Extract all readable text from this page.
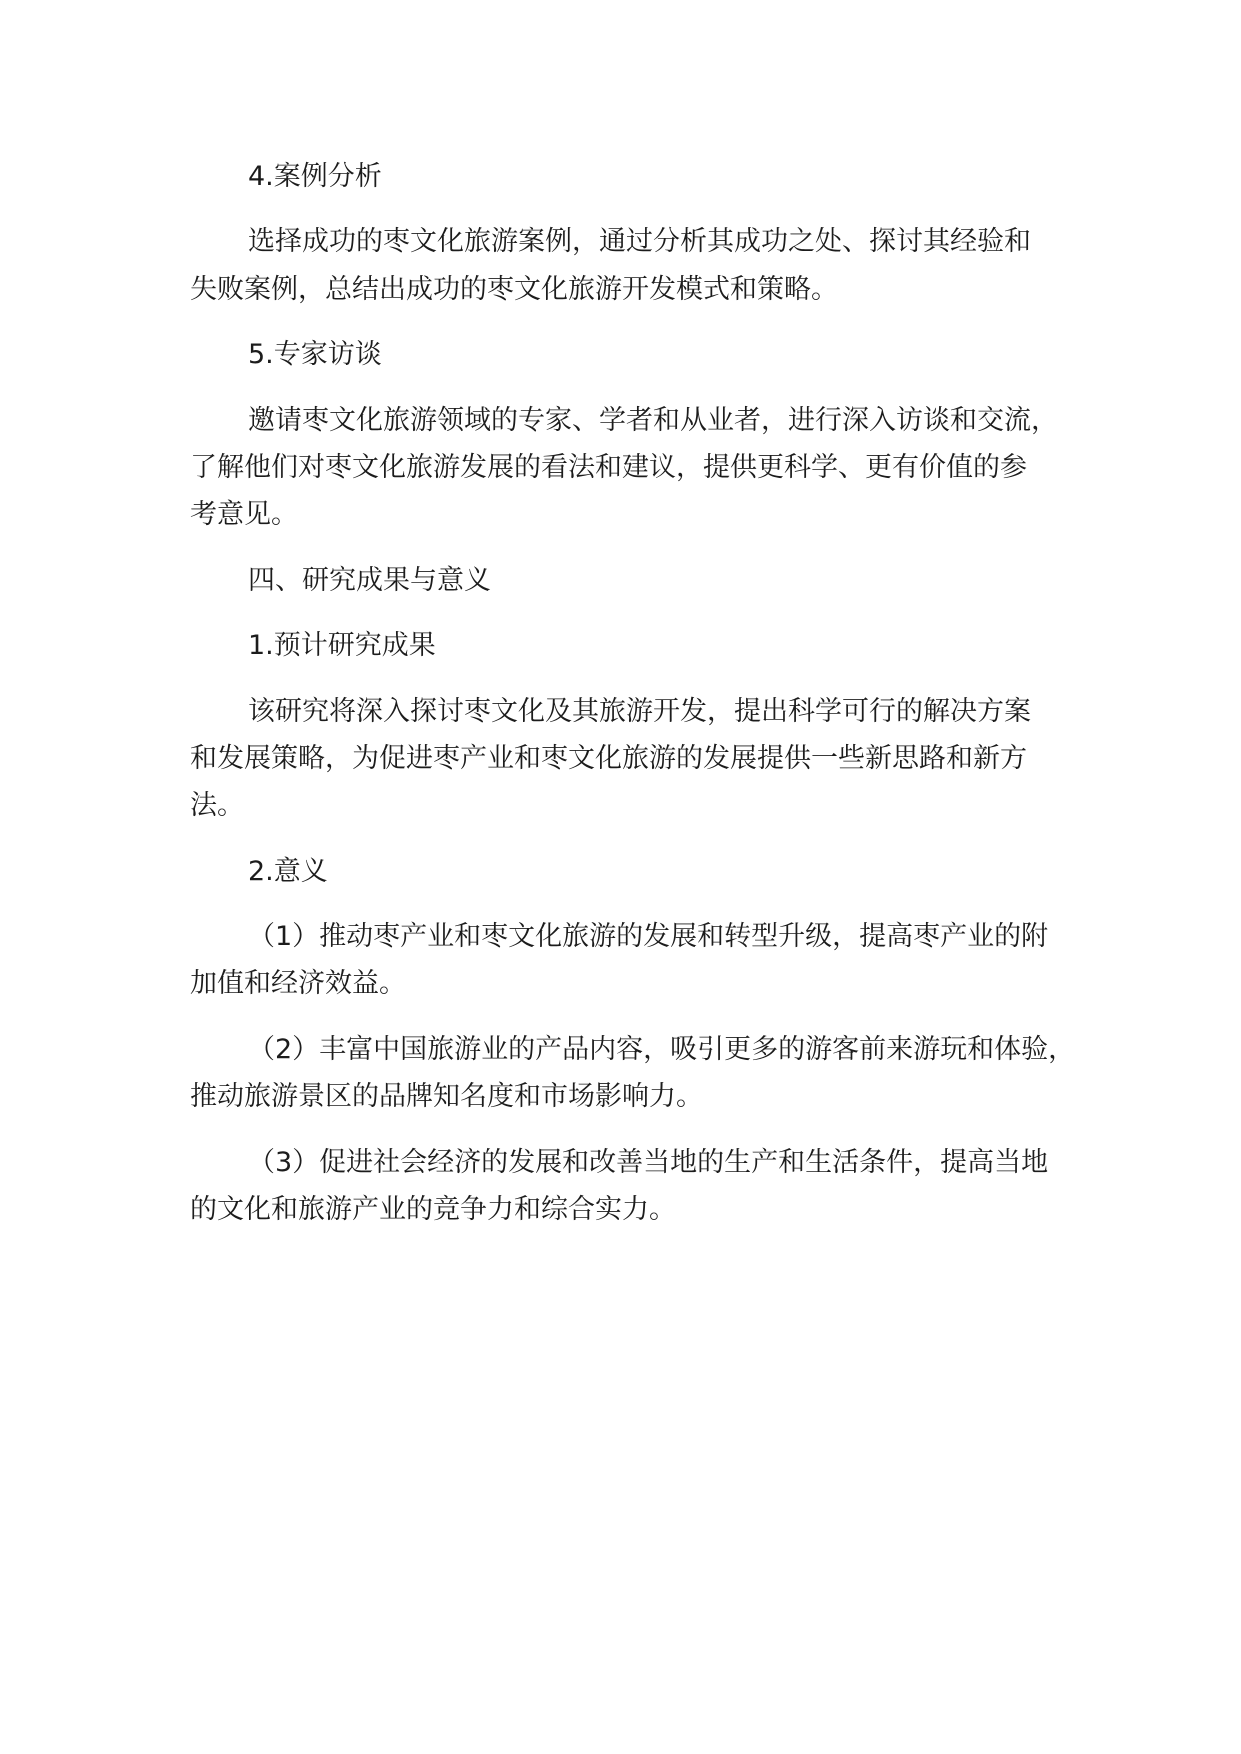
4.案例分析
选择成功的枣文化旅游案例，通过分析其成功之处、探讨其经验和
失败案例，总结出成功的枣文化旅游开发模式和策略。
5.专家访谈
邀请枣文化旅游领域的专家、学者和从业者，进行深入访谈和交流，
了解他们对枣文化旅游发展的看法和建议，提供更科学、更有价值的参
考意见。
四、研究成果与意义
1.预计研究成果
该研究将深入探讨枣文化及其旅游开发，提出科学可行的解决方案
和发展策略，为促进枣产业和枣文化旅游的发展提供一些新思路和新方
法。
2.意义
（1）推动枣产业和枣文化旅游的发展和转型升级，提高枣产业的附
加值和经济效益。
（2）丰富中国旅游业的产品内容，吸引更多的游客前来游玩和体验，
推动旅游景区的品牌知名度和市场影响力。
（3）促进社会经济的发展和改善当地的生产和生活条件，提高当地
的文化和旅游产业的竞争力和综合实力。
